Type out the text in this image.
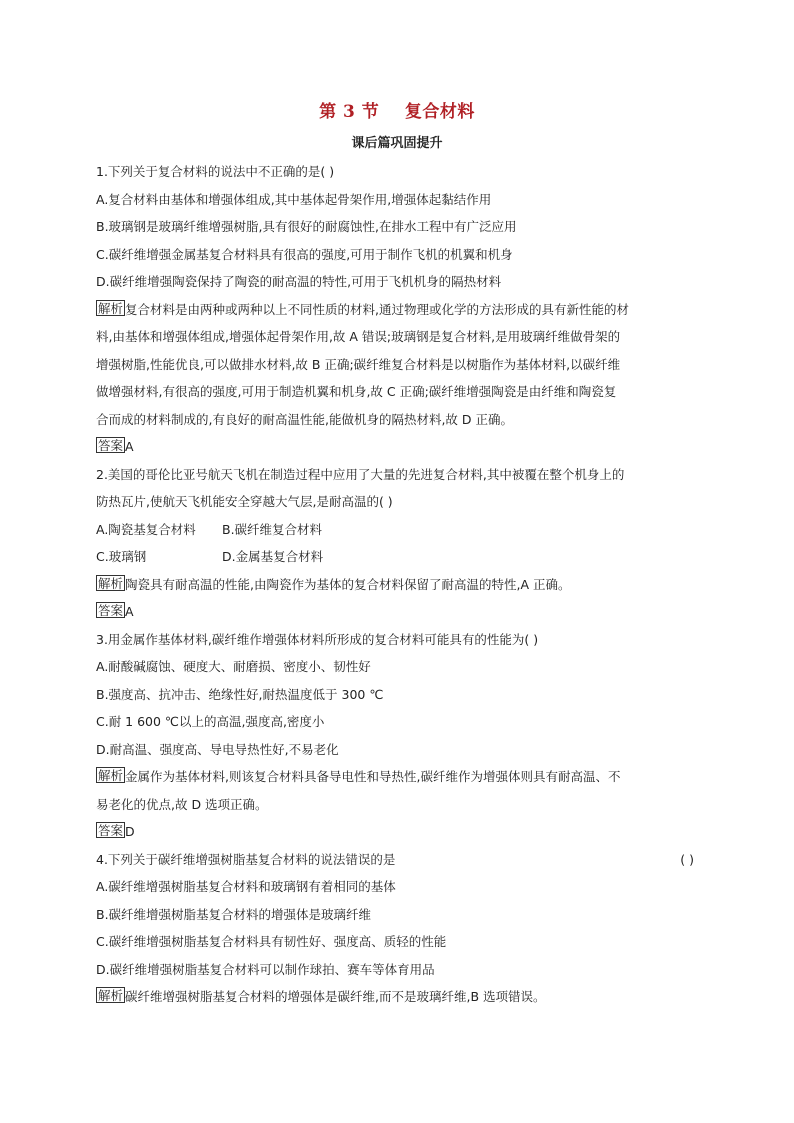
第 3 节    复合材料
课后篇巩固提升
1.下列关于复合材料的说法中不正确的是( )
A.复合材料由基体和增强体组成,其中基体起骨架作用,增强体起黏结作用
B.玻璃钢是玻璃纤维增强树脂,具有很好的耐腐蚀性,在排水工程中有广泛应用
C.碳纤维增强金属基复合材料具有很高的强度,可用于制作飞机的机翼和机身
D.碳纤维增强陶瓷保持了陶瓷的耐高温的特性,可用于飞机机身的隔热材料
解析 复合材料是由两种或两种以上不同性质的材料,通过物理或化学的方法形成的具有新性能的材
料,由基体和增强体组成,增强体起骨架作用,故 A 错误;玻璃钢是复合材料,是用玻璃纤维做骨架的
增强树脂,性能优良,可以做排水材料,故 B 正确;碳纤维复合材料是以树脂作为基体材料,以碳纤维
做增强材料,有很高的强度,可用于制造机翼和机身,故 C 正确;碳纤维增强陶瓷是由纤维和陶瓷复
合而成的材料制成的,有良好的耐高温性能,能做机身的隔热材料,故 D 正确。
答案 A
2.美国的哥伦比亚号航天飞机在制造过程中应用了大量的先进复合材料,其中被覆在整个机身上的
防热瓦片,使航天飞机能安全穿越大气层,是耐高温的( )
A.陶瓷基复合材料	B.碳纤维复合材料
C.玻璃钢	D.金属基复合材料
解析 陶瓷具有耐高温的性能,由陶瓷作为基体的复合材料保留了耐高温的特性,A 正确。
答案 A
3.用金属作基体材料,碳纤维作增强体材料所形成的复合材料可能具有的性能为( )
A.耐酸碱腐蚀、硬度大、耐磨损、密度小、韧性好
B.强度高、抗冲击、绝缘性好,耐热温度低于 300 ℃
C.耐 1 600 ℃以上的高温,强度高,密度小
D.耐高温、强度高、导电导热性好,不易老化
解析 金属作为基体材料,则该复合材料具备导电性和导热性,碳纤维作为增强体则具有耐高温、不
易老化的优点,故 D 选项正确。
答案 D
4.下列关于碳纤维增强树脂基复合材料的说法错误的是	( )
A.碳纤维增强树脂基复合材料和玻璃钢有着相同的基体
B.碳纤维增强树脂基复合材料的增强体是玻璃纤维
C.碳纤维增强树脂基复合材料具有韧性好、强度高、质轻的性能
D.碳纤维增强树脂基复合材料可以制作球拍、赛车等体育用品
解析 碳纤维增强树脂基复合材料的增强体是碳纤维,而不是玻璃纤维,B 选项错误。
